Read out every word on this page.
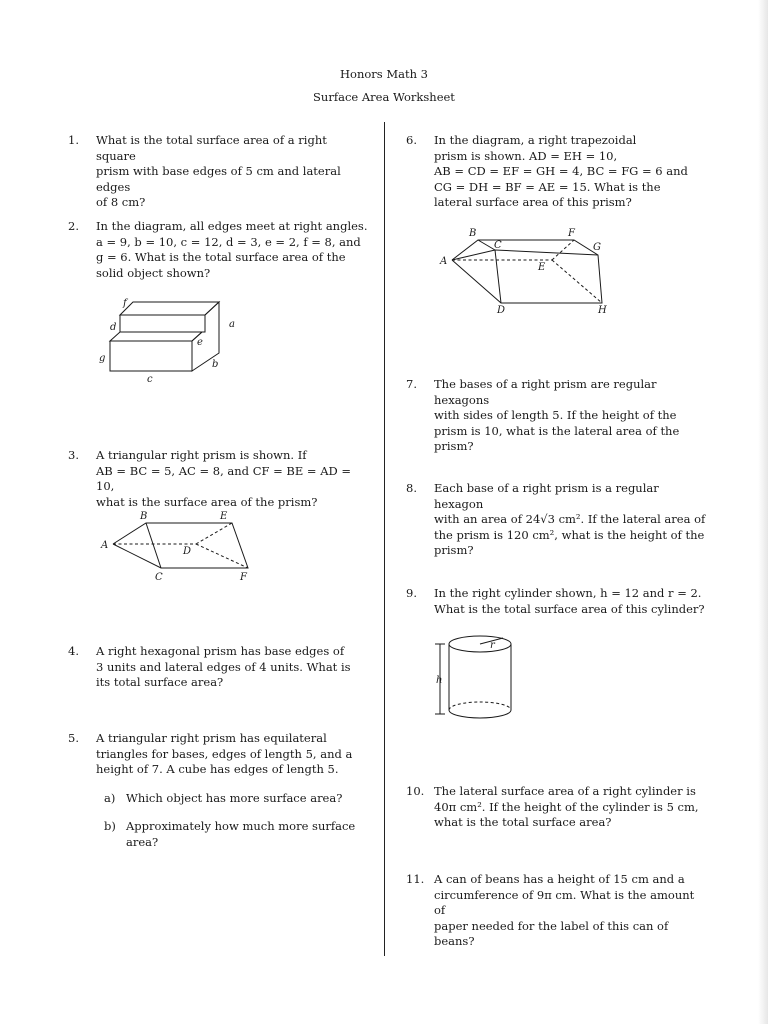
Honors Math 3
Surface Area Worksheet
1. What is the total surface area of a right square
prism with base edges of 5 cm and lateral edges
of 8 cm?
2. In the diagram, all edges meet at right angles.
a = 9, b = 10, c = 12, d = 3, e = 2, f = 8, and
g = 6. What is the total surface area of the
solid object shown?
f
d	a
e
g
b
c
3. A triangular right prism is shown. If
AB = BC = 5, AC = 8, and CF = BE = AD = 10,
what is the surface area of the prism?
B	E
A
D
C	F
4. A right hexagonal prism has base edges of
3 units and lateral edges of 4 units. What is
its total surface area?
5. A triangular right prism has equilateral
triangles for bases, edges of length 5, and a
height of 7. A cube has edges of length 5.
a) Which object has more surface area?
b) Approximately how much more surface
area?
6. In the diagram, a right trapezoidal
prism is shown. AD = EH = 10,
AB = CD = EF = GH = 4, BC = FG = 6 and
CG = DH = BF = AE = 15. What is the
lateral surface area of this prism?
B	F
C	G
A
E
D	H
7. The bases of a right prism are regular hexagons
with sides of length 5. If the height of the
prism is 10, what is the lateral area of the
prism?
8. Each base of a right prism is a regular hexagon
with an area of 24√3 cm². If the lateral area of
the prism is 120 cm², what is the height of the
prism?
9. In the right cylinder shown, h = 12 and r = 2.
What is the total surface area of this cylinder?
r
h
10. The lateral surface area of a right cylinder is
40π cm². If the height of the cylinder is 5 cm,
what is the total surface area?
11. A can of beans has a height of 15 cm and a
circumference of 9π cm. What is the amount of
paper needed for the label of this can of beans?
